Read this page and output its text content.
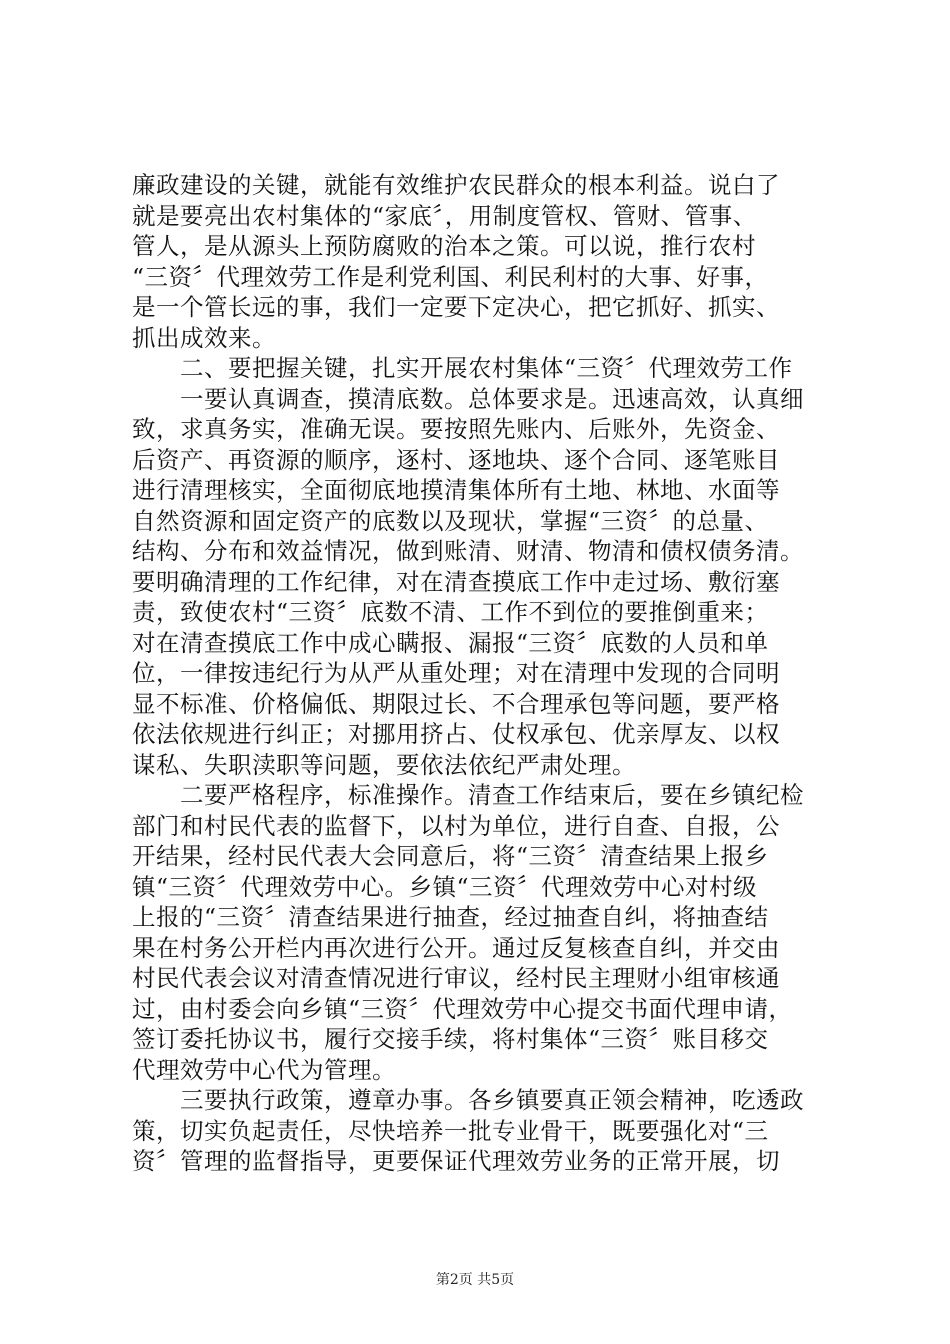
廉政建设的关键，就能有效维护农民群众的根本利益。说白了
就是要亮出农村集体的“家底〞，用制度管权、管财、管事、
管人，是从源头上预防腐败的治本之策。可以说，推行农村
“三资〞代理效劳工作是利党利国、利民利村的大事、好事，
是一个管长远的事，我们一定要下定决心，把它抓好、抓实、
抓出成效来。
　　二、要把握关键，扎实开展农村集体“三资〞代理效劳工作
　　一要认真调查，摸清底数。总体要求是。迅速高效，认真细
致，求真务实，准确无误。要按照先账内、后账外，先资金、
后资产、再资源的顺序，逐村、逐地块、逐个合同、逐笔账目
进行清理核实，全面彻底地摸清集体所有土地、林地、水面等
自然资源和固定资产的底数以及现状，掌握“三资〞的总量、
结构、分布和效益情况，做到账清、财清、物清和债权债务清。
要明确清理的工作纪律，对在清查摸底工作中走过场、敷衍塞
责，致使农村“三资〞底数不清、工作不到位的要推倒重来；
对在清查摸底工作中成心瞒报、漏报“三资〞底数的人员和单
位，一律按违纪行为从严从重处理；对在清理中发现的合同明
显不标准、价格偏低、期限过长、不合理承包等问题，要严格
依法依规进行纠正；对挪用挤占、仗权承包、优亲厚友、以权
谋私、失职渎职等问题，要依法依纪严肃处理。
　　二要严格程序，标准操作。清查工作结束后，要在乡镇纪检
部门和村民代表的监督下，以村为单位，进行自查、自报，公
开结果，经村民代表大会同意后，将“三资〞清查结果上报乡
镇“三资〞代理效劳中心。乡镇“三资〞代理效劳中心对村级
上报的“三资〞清查结果进行抽查，经过抽查自纠，将抽查结
果在村务公开栏内再次进行公开。通过反复核查自纠，并交由
村民代表会议对清查情况进行审议，经村民主理财小组审核通
过，由村委会向乡镇“三资〞代理效劳中心提交书面代理申请，
签订委托协议书，履行交接手续，将村集体“三资〞账目移交
代理效劳中心代为管理。
　　三要执行政策，遵章办事。各乡镇要真正领会精神，吃透政
策，切实负起责任，尽快培养一批专业骨干，既要强化对“三
资〞管理的监督指导，更要保证代理效劳业务的正常开展，切
第2页 共5页
